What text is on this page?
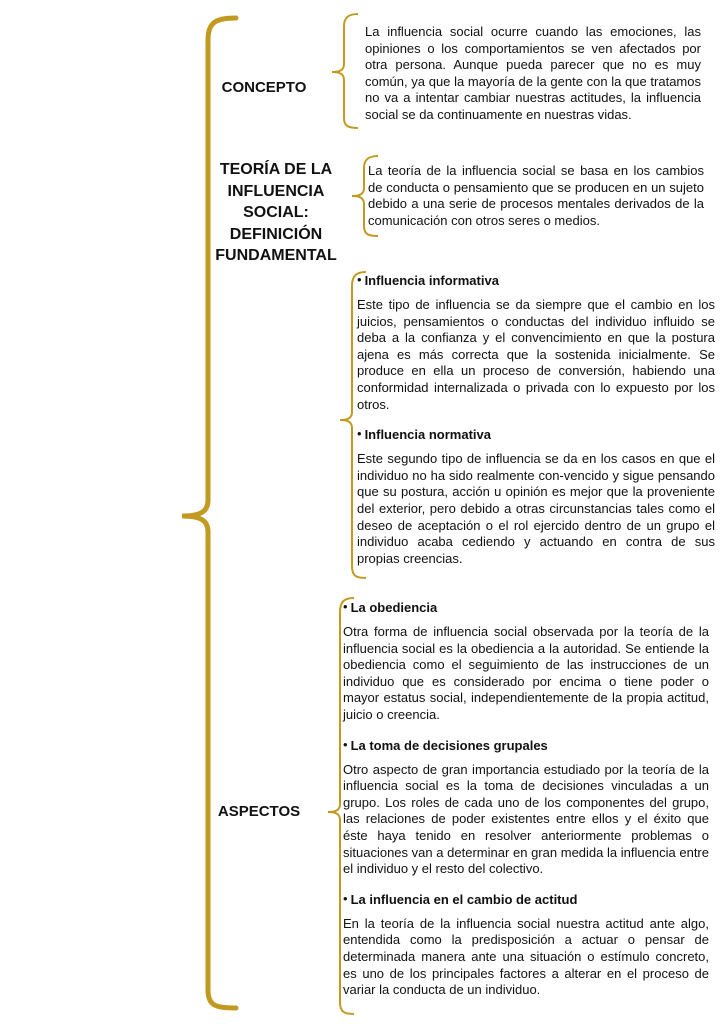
PAPEL DE LA INFLUENCIA SOCIAL EN EL CAMBIO SOCIOCULTURAL
CONCEPTO
La influencia social ocurre cuando las emociones, las opiniones o los comportamientos se ven afectados por otra persona. Aunque pueda parecer que no es muy común, ya que la mayoría de la gente con la que tratamos no va a intentar cambiar nuestras actitudes, la influencia social se da continuamente en nuestras vidas.
TEORÍA DE LA INFLUENCIA SOCIAL: DEFINICIÓN FUNDAMENTAL
La teoría de la influencia social se basa en los cambios de conducta o pensamiento que se producen en un sujeto debido a una serie de procesos mentales derivados de la comunicación con otros seres o medios.
TIPOS DE INFLUENCIA
• Influencia informativa

Este tipo de influencia se da siempre que el cambio en los juicios, pensamientos o conductas del individuo influido se deba a la confianza y el convencimiento en que la postura ajena es más correcta que la sostenida inicialmente. Se produce en ella un proceso de conversión, habiendo una conformidad internalizada o privada con lo expuesto por los otros.

• Influencia normativa

Este segundo tipo de influencia se da en los casos en que el individuo no ha sido realmente con-vencido y sigue pensando que su postura, acción u opinión es mejor que la proveniente del exterior, pero debido a otras circunstancias tales como el deseo de aceptación o el rol ejercido dentro de un grupo el individuo acaba cediendo y actuando en contra de sus propias creencias.

ASPECTOS
• La obediencia

Otra forma de influencia social observada por la teoría de la influencia social es la obediencia a la autoridad. Se entiende la obediencia como el seguimiento de las instrucciones de un individuo que es considerado por encima o tiene poder o mayor estatus social, independientemente de la propia actitud, juicio o creencia.

• La toma de decisiones grupales

Otro aspecto de gran importancia estudiado por la teoría de la influencia social es la toma de decisiones vinculadas a un grupo. Los roles de cada uno de los componentes del grupo, las relaciones de poder existentes entre ellos y el éxito que éste haya tenido en resolver anteriormente problemas o situaciones van a determinar en gran medida la influencia entre el individuo y el resto del colectivo.

• La influencia en el cambio de actitud

En la teoría de la influencia social nuestra actitud ante algo, entendida como la predisposición a actuar o pensar de determinada manera ante una situación o estímulo concreto, es uno de los principales factores a alterar en el proceso de variar la conducta de un individuo.
